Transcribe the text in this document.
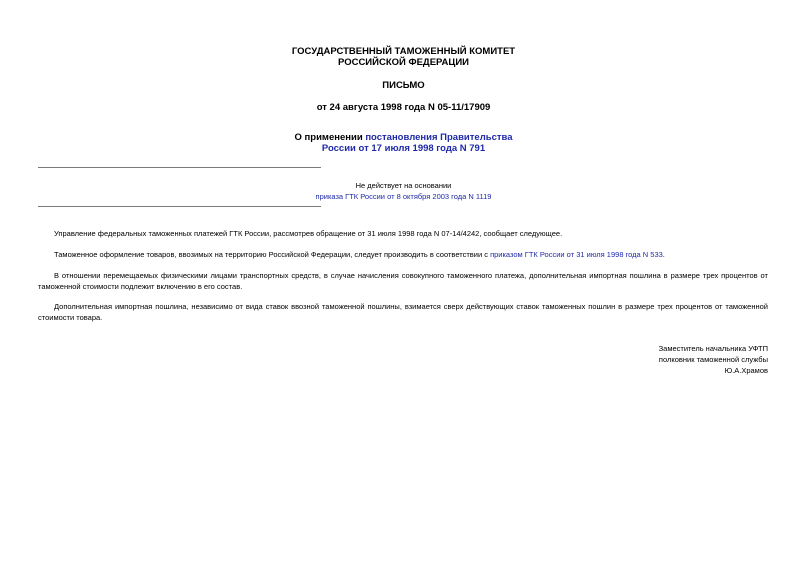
ГОСУДАРСТВЕННЫЙ ТАМОЖЕННЫЙ КОМИТЕТ
РОССИЙСКОЙ ФЕДЕРАЦИИ
ПИСЬМО
от 24 августа 1998 года N 05-11/17909
О применении постановления Правительства
России от 17 июля 1998 года N 791
Не действует на основании
приказа ГТК России от 8 октября 2003 года N 1119
Управление федеральных таможенных платежей ГТК России, рассмотрев обращение от 31 июля 1998 года N 07-14/4242, сообщает следующее.
Таможенное оформление товаров, ввозимых на территорию Российской Федерации, следует производить в соответствии с приказом ГТК России от 31 июля 1998 года N 533.
В отношении перемещаемых физическими лицами транспортных средств, в случае начисления совокупного таможенного платежа, дополнительная импортная пошлина в размере трех процентов от таможенной стоимости подлежит включению в его состав.
Дополнительная импортная пошлина, независимо от вида ставок ввозной таможенной пошлины, взимается сверх действующих ставок таможенных пошлин в размере трех процентов от таможенной стоимости товара.
Заместитель начальника УФТП
полковник таможенной службы
Ю.А.Храмов
